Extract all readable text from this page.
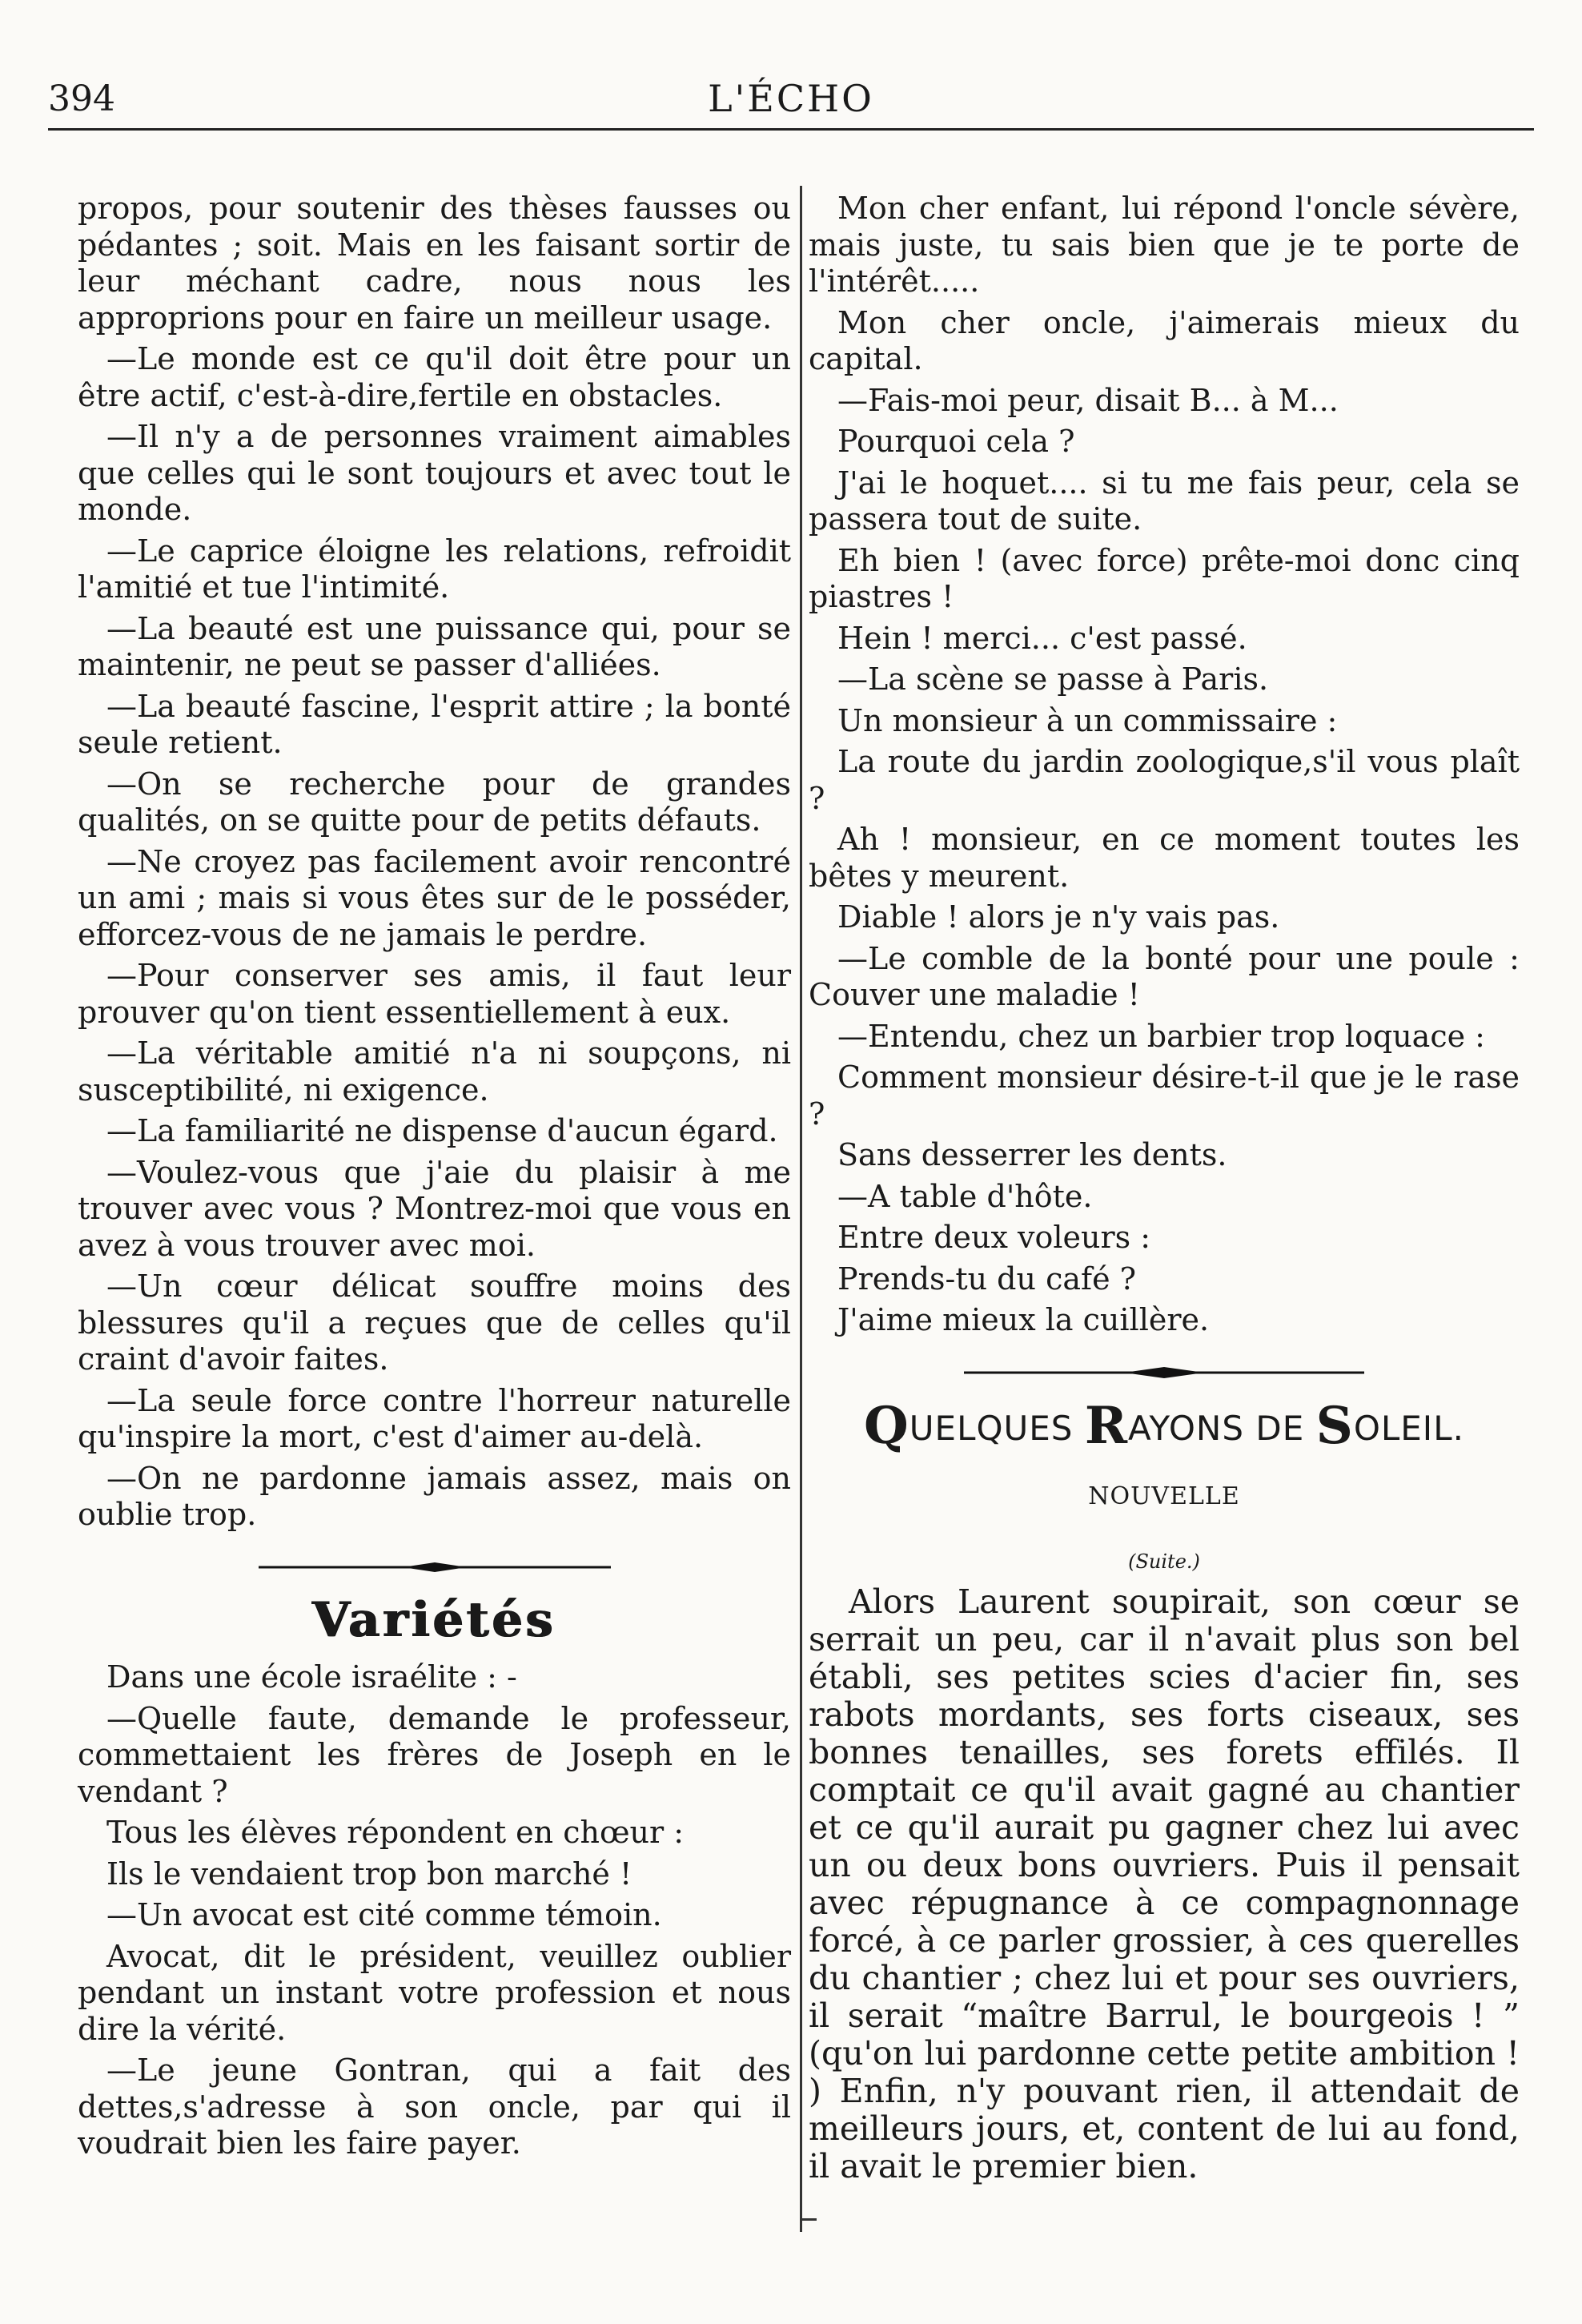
394	L'ÉCHO

propos, pour soutenir des thèses fausses ou pédantes ; soit. Mais en les faisant sortir de leur méchant cadre, nous nous les approprions pour en faire un meilleur usage.

—Le monde est ce qu'il doit être pour un être actif, c'est-à-dire,fertile en obstacles.

—Il n'y a de personnes vraiment aimables que celles qui le sont toujours et avec tout le monde.

—Le caprice éloigne les relations, refroidit l'amitié et tue l'intimité.

—La beauté est une puissance qui, pour se maintenir, ne peut se passer d'alliées.

—La beauté fascine, l'esprit attire ; la bonté seule retient.

—On se recherche pour de grandes qualités, on se quitte pour de petits défauts.

—Ne croyez pas facilement avoir rencontré un ami ; mais si vous êtes sur de le posséder, efforcez-vous de ne jamais le perdre.

—Pour conserver ses amis, il faut leur prouver qu'on tient essentiellement à eux.

—La véritable amitié n'a ni soupçons, ni susceptibilité, ni exigence.

—La familiarité ne dispense d'aucun égard.

—Voulez-vous que j'aie du plaisir à me trouver avec vous ? Montrez-moi que vous en avez à vous trouver avec moi.

—Un cœur délicat souffre moins des blessures qu'il a reçues que de celles qu'il craint d'avoir faites.

—La seule force contre l'horreur naturelle qu'inspire la mort, c'est d'aimer au-delà.

—On ne pardonne jamais assez, mais on oublie trop.

Variétés

Dans une école israélite : -

—Quelle faute, demande le professeur, commettaient les frères de Joseph en le vendant ?

Tous les élèves répondent en chœur :

Ils le vendaient trop bon marché !

—Un avocat est cité comme témoin.

Avocat, dit le président, veuillez oublier pendant un instant votre profession et nous dire la vérité.

—Le jeune Gontran, qui a fait des dettes,s'adresse à son oncle, par qui il voudrait bien les faire payer.

Mon cher enfant, lui répond l'oncle sévère, mais juste, tu sais bien que je te porte de l'intérêt.....

Mon cher oncle, j'aimerais mieux du capital.

—Fais-moi peur, disait B... à M...

Pourquoi cela ?

J'ai le hoquet.... si tu me fais peur, cela se passera tout de suite.

Eh bien ! (avec force) prête-moi donc cinq piastres !

Hein ! merci... c'est passé.

—La scène se passe à Paris.

Un monsieur à un commissaire :

La route du jardin zoologique,s'il vous plaît ?

Ah ! monsieur, en ce moment toutes les bêtes y meurent.

Diable ! alors je n'y vais pas.

—Le comble de la bonté pour une poule : Couver une maladie !

—Entendu, chez un barbier trop loquace :

Comment monsieur désire-t-il que je le rase ?

Sans desserrer les dents.

—A table d'hôte.

Entre deux voleurs :

Prends-tu du café ?

J'aime mieux la cuillère.

QUELQUES RAYONS DE SOLEIL.
NOUVELLE
(Suite.)

Alors Laurent soupirait, son cœur se serrait un peu, car il n'avait plus son bel établi, ses petites scies d'acier fin, ses rabots mordants, ses forts ciseaux, ses bonnes tenailles, ses forets effilés. Il comptait ce qu'il avait gagné au chantier et ce qu'il aurait pu gagner chez lui avec un ou deux bons ouvriers. Puis il pensait avec répugnance à ce compagnonnage forcé, à ce parler grossier, à ces querelles du chantier ; chez lui et pour ses ouvriers, il serait “maître Barrul, le bourgeois ! ” (qu'on lui pardonne cette petite ambition ! ) Enfin, n'y pouvant rien, il attendait de meilleurs jours, et, content de lui au fond, il avait le premier bien.
